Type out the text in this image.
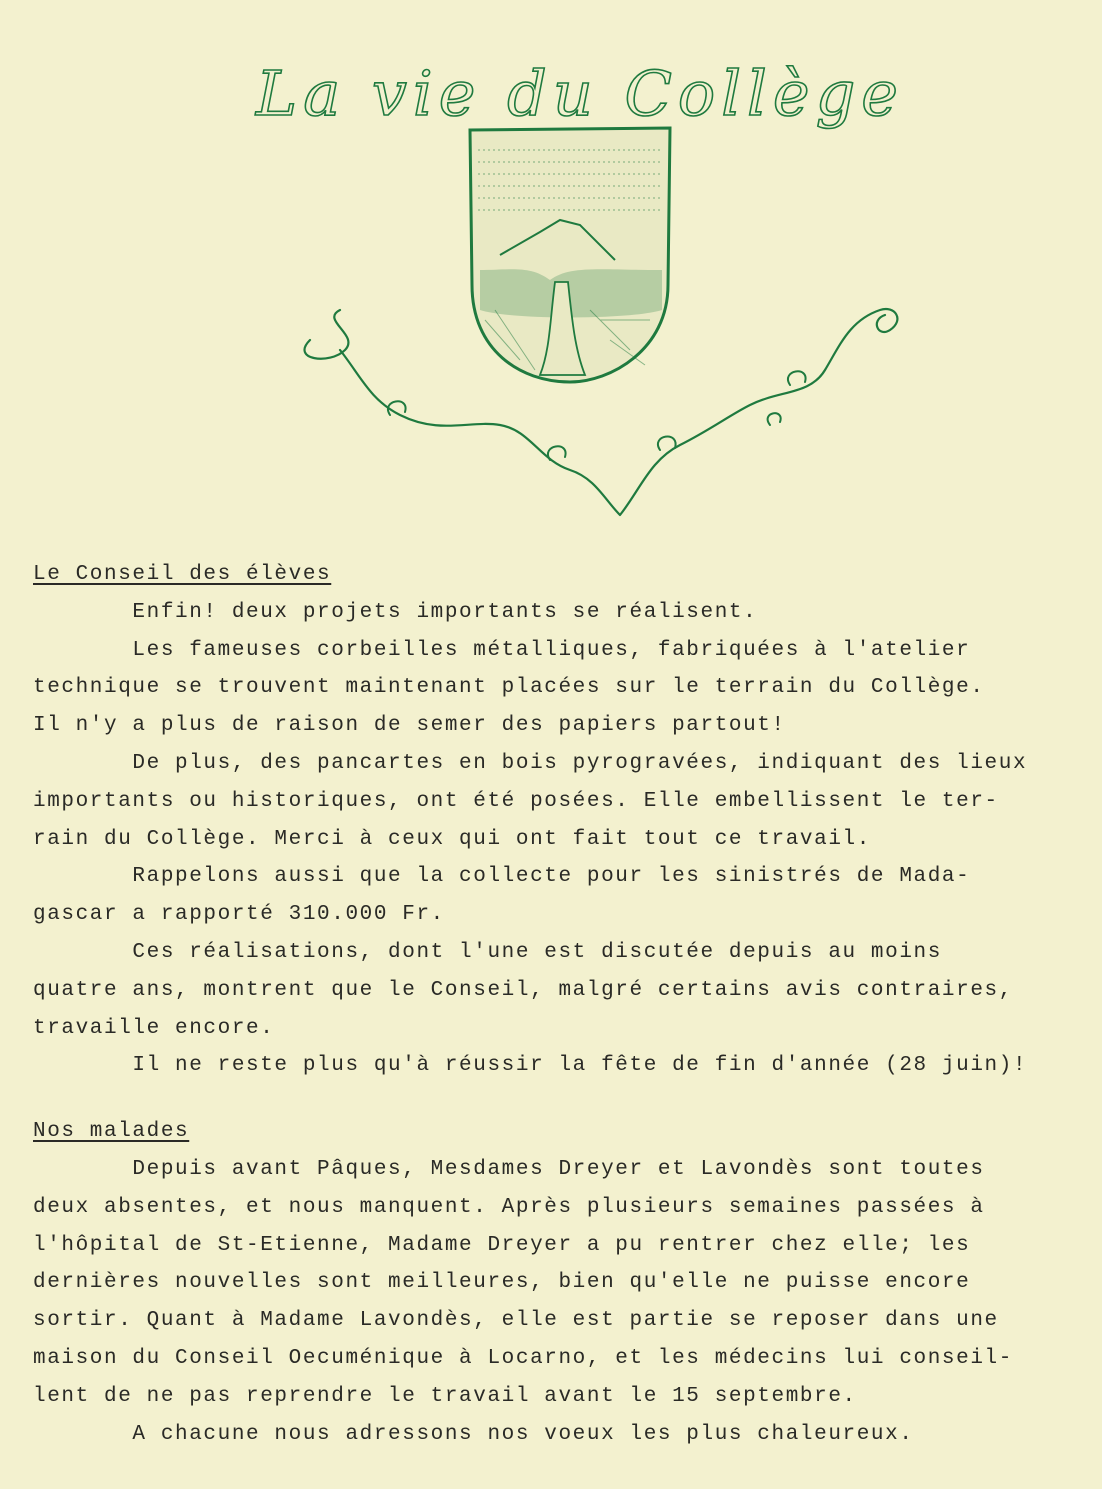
La vie du Collège
Le Conseil des élèves

Enfin! deux projets importants se réalisent.

Les fameuses corbeilles métalliques, fabriquées à l'atelier

technique se trouvent maintenant placées sur le terrain du Collège.

Il n'y a plus de raison de semer des papiers partout!

De plus, des pancartes en bois pyrogravées, indiquant des lieux

importants ou historiques, ont été posées. Elle embellissent le ter-

rain du Collège. Merci à ceux qui ont fait tout ce travail.

Rappelons aussi que la collecte pour les sinistrés de Mada-

gascar a rapporté 310.000 Fr.

Ces réalisations, dont l'une est discutée depuis au moins

quatre ans, montrent que le Conseil, malgré certains avis contraires,

travaille encore.

Il ne reste plus qu'à réussir la fête de fin d'année (28 juin)!

Nos malades

Depuis avant Pâques, Mesdames Dreyer et Lavondès sont toutes

deux absentes, et nous manquent. Après plusieurs semaines passées à

l'hôpital de St-Etienne, Madame Dreyer a pu rentrer chez elle; les

dernières nouvelles sont meilleures, bien qu'elle ne puisse encore

sortir. Quant à Madame Lavondès, elle est partie se reposer dans une

maison du Conseil Oecuménique à Locarno, et les médecins lui conseil-

lent de ne pas reprendre le travail avant le 15 septembre.

A chacune nous adressons nos voeux les plus chaleureux.
